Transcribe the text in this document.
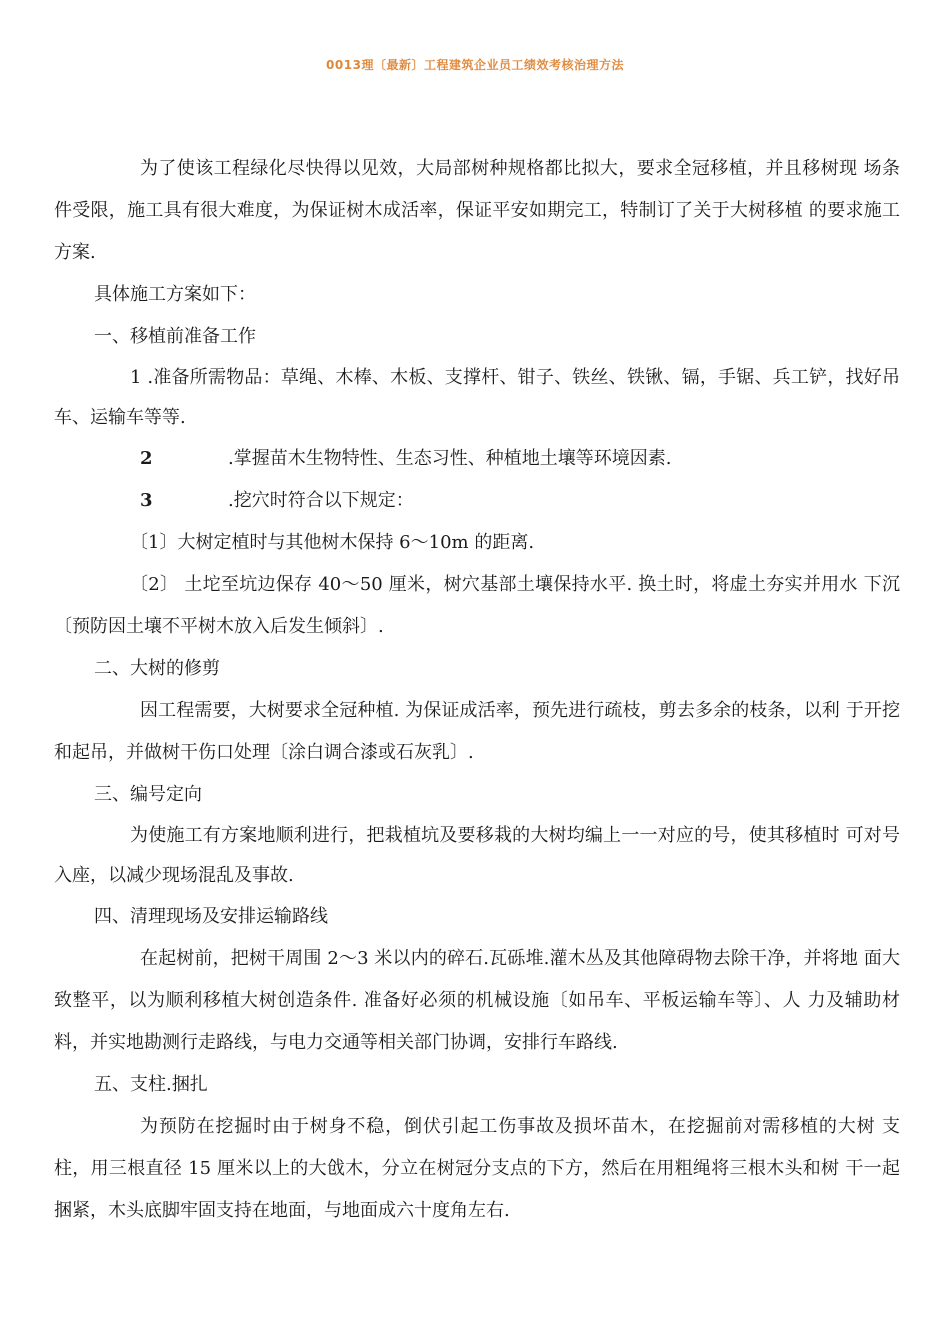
0013理〔最新〕工程建筑企业员工绩效考核治理方法

为了使该工程绿化尽快得以见效，大局部树种规格都比拟大，要求全冠移植，并且移树现 场条件受限，施工具有很大难度，为保证树木成活率，保证平安如期完工，特制订了关于大树移植 的要求施工方案.

具体施工方案如下：

一、移植前准备工作

1 .准备所需物品：草绳、木棒、木板、支撑杆、钳子、铁丝、铁锹、镉，手锯、兵工铲，找好吊车、运输车等等.

2	.掌握苗木生物特性、生态习性、种植地土壤等环境因素.

3	.挖穴时符合以下规定：

〔1〕大树定植时与其他树木保持 6〜10m 的距离.

〔2〕 土坨至坑边保存 40〜50 厘米，树穴基部土壤保持水平. 换土时，将虚土夯实并用水 下沉〔预防因土壤不平树木放入后发生倾斜〕.

二、大树的修剪

因工程需要，大树要求全冠种植. 为保证成活率，预先进行疏枝，剪去多余的枝条，以利 于开挖和起吊，并做树干伤口处理〔涂白调合漆或石灰乳〕.

三、编号定向

为使施工有方案地顺利进行，把栽植坑及要移栽的大树均编上一一对应的号，使其移植时 可对号入座，以减少现场混乱及事故.

四、清理现场及安排运输路线

在起树前，把树干周围 2〜3 米以内的碎石.瓦砾堆.灌木丛及其他障碍物去除干净，并将地 面大致整平，以为顺利移植大树创造条件. 准备好必须的机械设施〔如吊车、平板运输车等〕、人 力及辅助材料，并实地勘测行走路线，与电力交通等相关部门协调，安排行车路线.

五、支柱.捆扎

为预防在挖掘时由于树身不稳，倒伏引起工伤事故及损坏苗木，在挖掘前对需移植的大树 支柱，用三根直径 15 厘米以上的大戗木，分立在树冠分支点的下方，然后在用粗绳将三根木头和树 干一起捆紧，木头底脚牢固支持在地面，与地面成六十度角左右.
